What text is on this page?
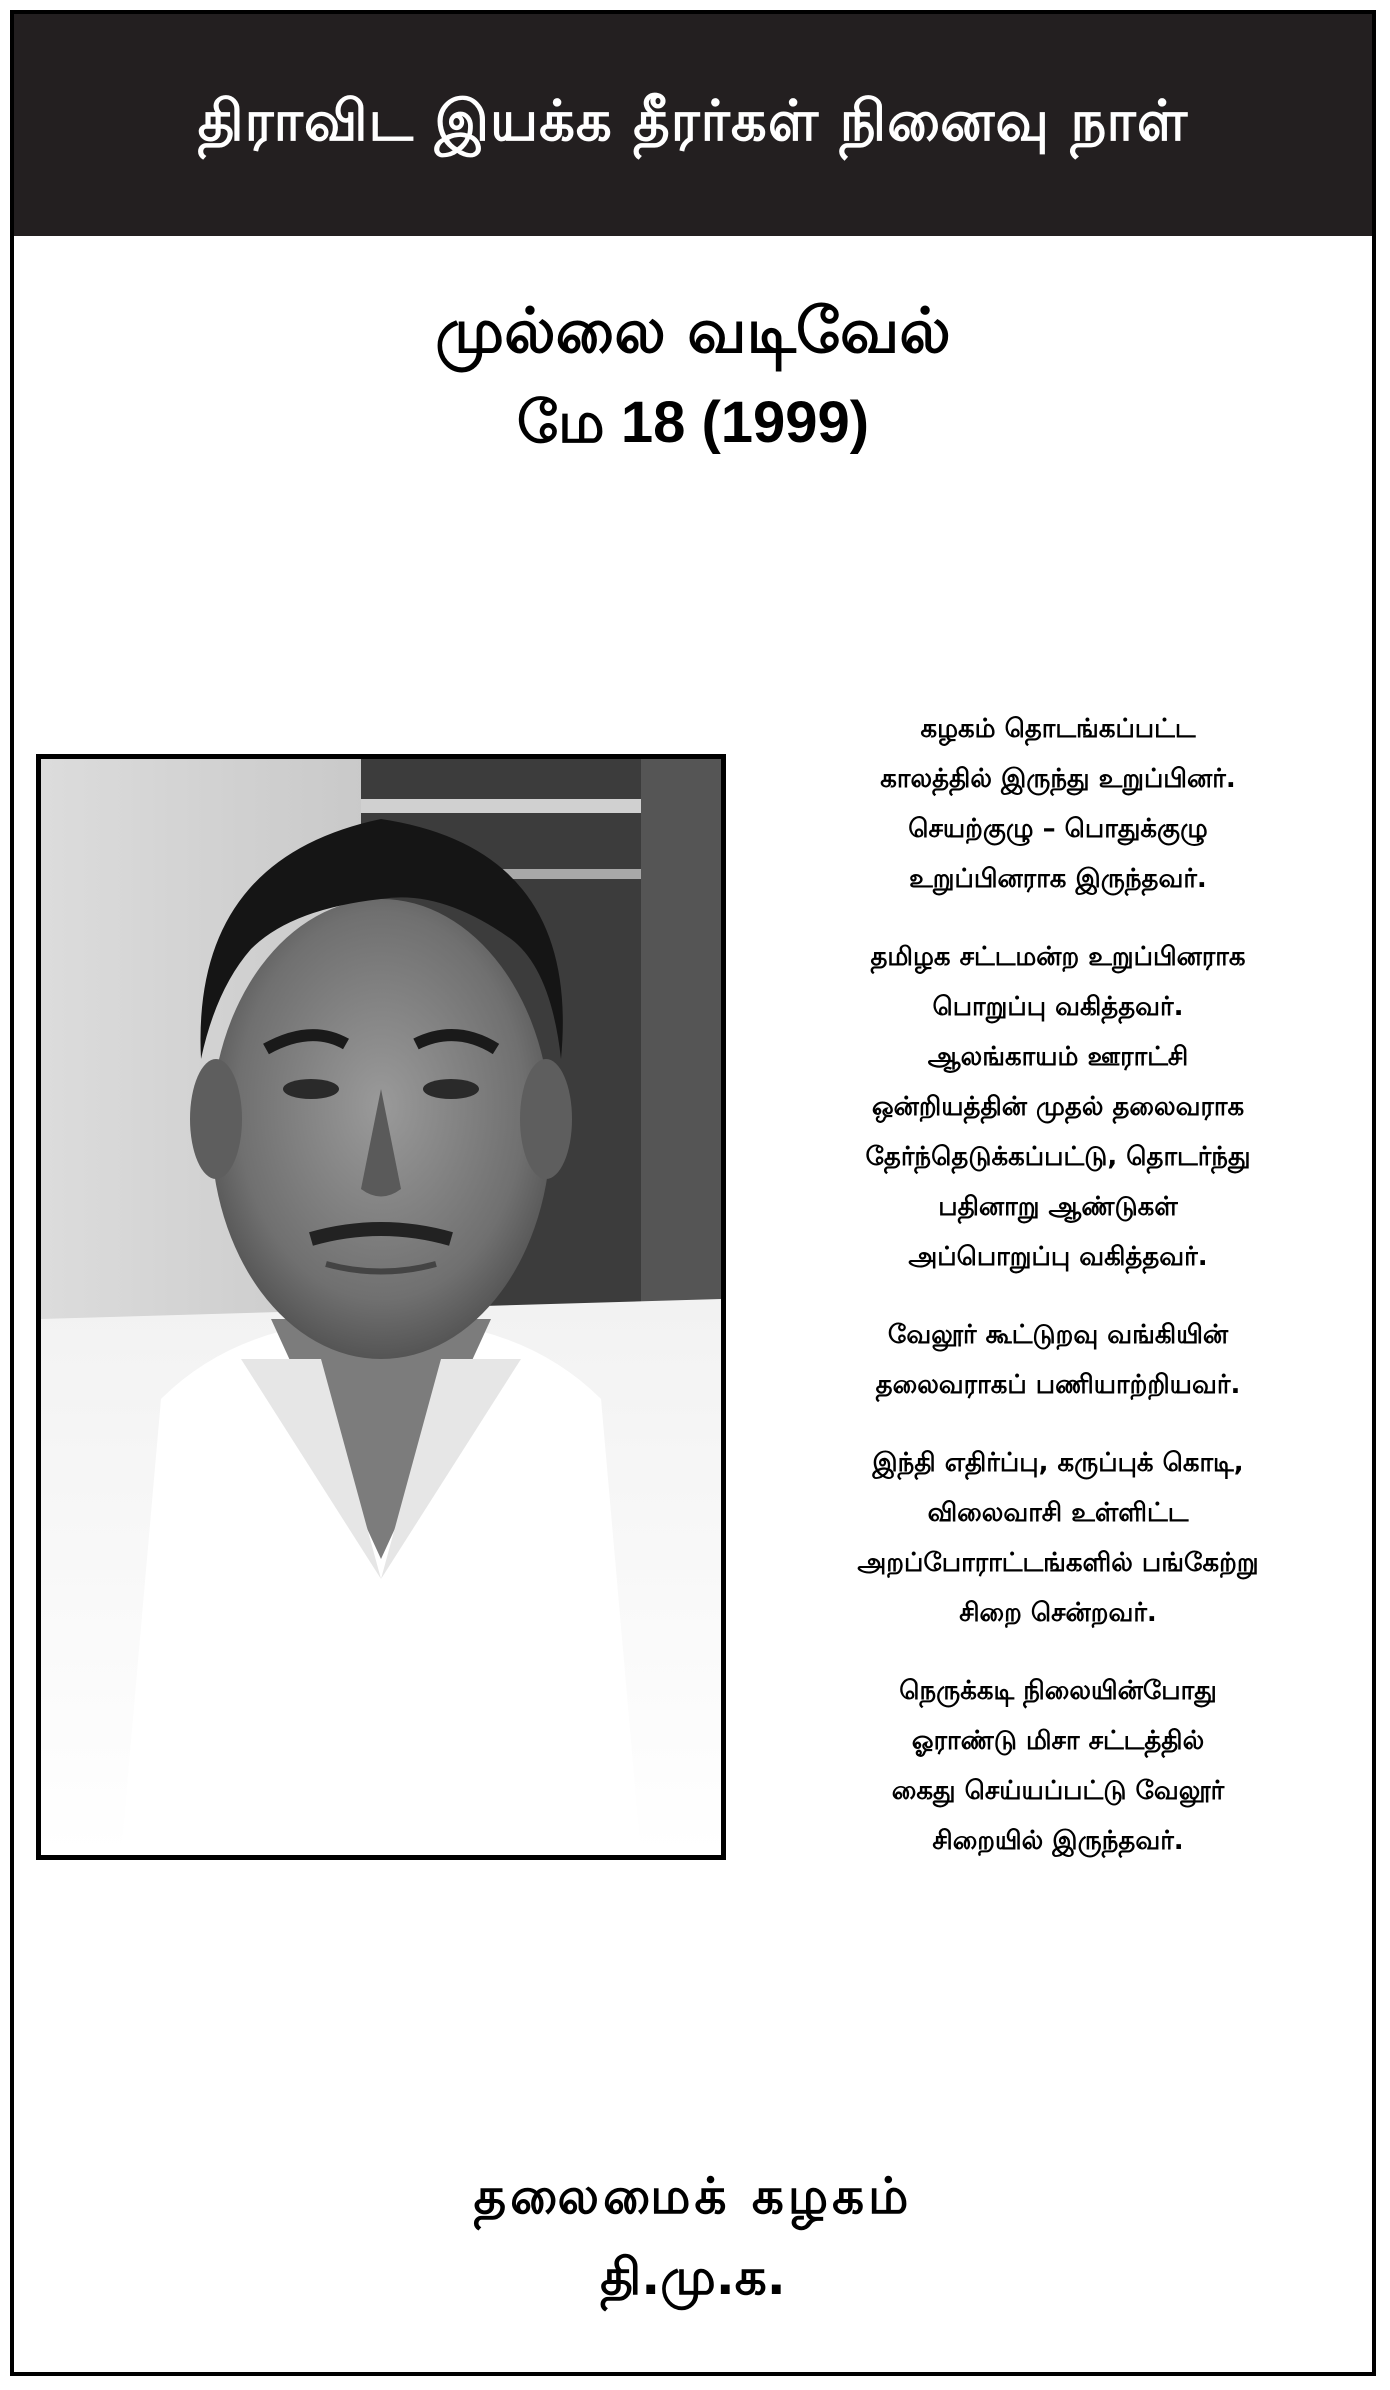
திராவிட இயக்க தீரர்கள் நினைவு நாள்
முல்லை வடிவேல்
மே 18 (1999)

கழகம் தொடங்கப்பட்ட
காலத்தில் இருந்து உறுப்பினர்.
செயற்குழு – பொதுக்குழு
உறுப்பினராக இருந்தவர்.

தமிழக சட்டமன்ற உறுப்பினராக
பொறுப்பு வகித்தவர்.
ஆலங்காயம் ஊராட்சி
ஒன்றியத்தின் முதல் தலைவராக
தேர்ந்தெடுக்கப்பட்டு, தொடர்ந்து
பதினாறு ஆண்டுகள்
அப்பொறுப்பு வகித்தவர்.

வேலூர் கூட்டுறவு வங்கியின்
தலைவராகப் பணியாற்றியவர்.

இந்தி எதிர்ப்பு, கருப்புக் கொடி,
விலைவாசி உள்ளிட்ட
அறப்போராட்டங்களில் பங்கேற்று
சிறை சென்றவர்.

நெருக்கடி நிலையின்போது
ஓராண்டு மிசா சட்டத்தில்
கைது செய்யப்பட்டு வேலூர்
சிறையில் இருந்தவர்.

தலைமைக் கழகம்
தி.மு.க.
